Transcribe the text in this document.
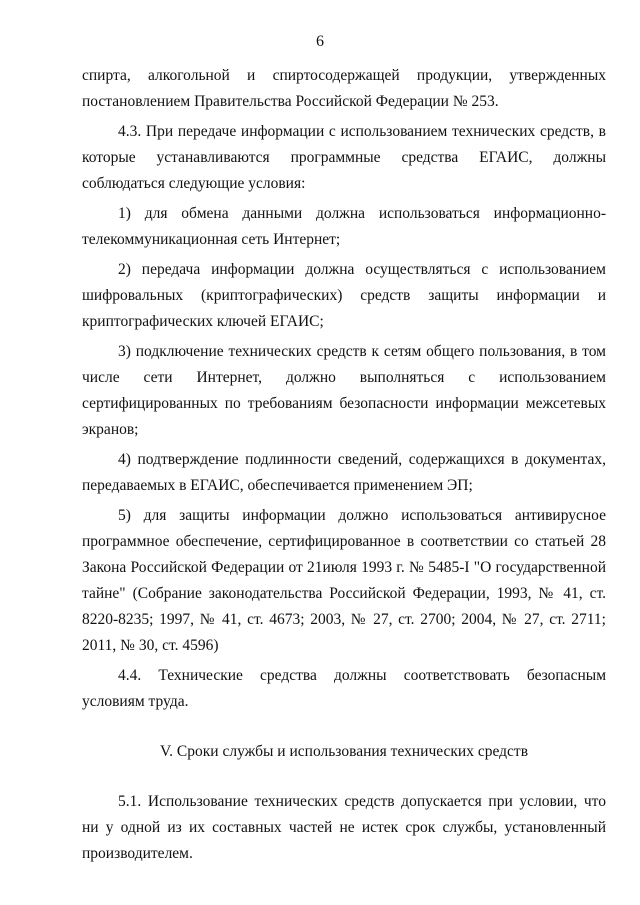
6

спирта, алкогольной и спиртосодержащей продукции, утвержденных постановлением Правительства Российской Федерации № 253.

4.3. При передаче информации с использованием технических средств, в которые устанавливаются программные средства ЕГАИС, должны соблюдаться следующие условия:

1) для обмена данными должна использоваться информационно-телекоммуникационная сеть Интернет;

2) передача информации должна осуществляться с использованием шифровальных (криптографических) средств защиты информации и криптографических ключей ЕГАИС;

3) подключение технических средств к сетям общего пользования, в том числе сети Интернет, должно выполняться с использованием сертифицированных по требованиям безопасности информации межсетевых экранов;

4) подтверждение подлинности сведений, содержащихся в документах, передаваемых в ЕГАИС, обеспечивается применением ЭП;

5) для защиты информации должно использоваться антивирусное программное обеспечение, сертифицированное в соответствии со статьей 28 Закона Российской Федерации от 21июля 1993 г. № 5485-I "О государственной тайне" (Собрание законодательства Российской Федерации, 1993, № 41, ст. 8220-8235; 1997, № 41, ст. 4673; 2003, № 27, ст. 2700; 2004, № 27, ст. 2711; 2011, № 30, ст. 4596)

4.4. Технические средства должны соответствовать безопасным условиям труда.

V. Сроки службы и использования технических средств

5.1. Использование технических средств допускается при условии, что ни у одной из их составных частей не истек срок службы, установленный производителем.
